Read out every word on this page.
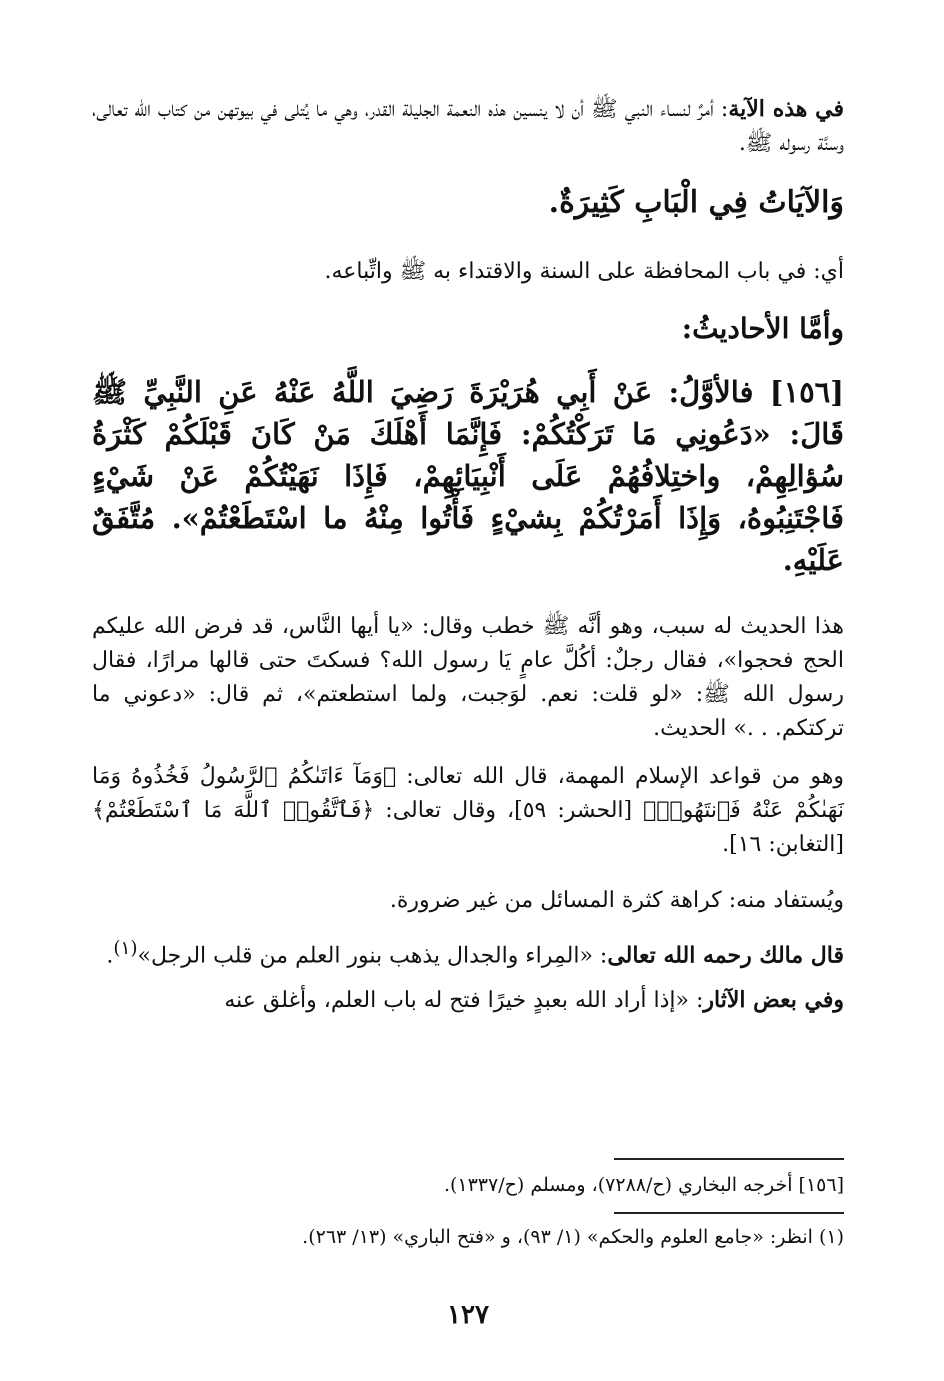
في هذه الآية: أمرٌ لنساء النبي ﷺ أن لا ينسين هذه النعمة الجليلة القدر، وهي ما يُتلى في بيوتهن من كتاب الله تعالى، وسنَّة رسوله ﷺ.

وَالآيَاتُ فِي الْبَابِ كَثِيرَةٌ.

أي: في باب المحافظة على السنة والاقتداء به ﷺ واتِّباعه.

وأمَّا الأحاديثُ:

[١٥٦] فالأوَّلُ: عَنْ أَبِي هُرَيْرَةَ رَضِيَ اللَّهُ عَنْهُ عَنِ النَّبِيِّ ﷺ قَالَ: «دَعُونِي مَا تَرَكْتُكُمْ: فَإِنَّمَا أَهْلَكَ مَنْ كَانَ قَبْلَكُمْ كَثْرَةُ سُؤالِهِمْ، واختِلافُهُمْ عَلَى أَنْبِيَائِهِمْ، فَإِذَا نَهَيْتُكُمْ عَنْ شَيْءٍ فَاجْتَنِبُوهُ، وَإِذَا أَمَرْتُكُمْ بِشيْءٍ فَأْتُوا مِنْهُ ما اسْتَطَعْتُمْ». مُتَّفَقٌ عَلَيْهِ.

هذا الحديث له سبب، وهو أنَّه ﷺ خطب وقال: «يا أيها النَّاس، قد فرض الله عليكم الحج فحجوا»، فقال رجلٌ: أكُلَّ عامٍ يَا رسول الله؟ فسكتَ حتى قالها مرارًا، فقال رسول الله ﷺ: «لو قلت: نعم. لوَجبت، ولما استطعتم»، ثم قال: «دعوني ما تركتكم. . .» الحديث.

وهو من قواعد الإسلام المهمة، قال الله تعالى: ﴿وَمَآ ءَاتَىٰكُمُ ٱلرَّسُولُ فَخُذُوهُ وَمَا نَهَىٰكُمْ عَنْهُ فَٱنتَهُوا۟﴾ [الحشر: ٥٩]، وقال تعالى: ﴿فَٱتَّقُوا۟ ٱللَّهَ مَا ٱسْتَطَعْتُمْ﴾ [التغابن: ١٦].

ويُستفاد منه: كراهة كثرة المسائل من غير ضرورة.

قال مالك رحمه الله تعالى: «المِراء والجدال يذهب بنور العلم من قلب الرجل»$^{(١)}$.

وفي بعض الآثار: «إذا أراد الله بعبدٍ خيرًا فتح له باب العلم، وأغلق عنه

[١٥٦] أخرجه البخاري (ح/٧٢٨٨)، ومسلم (ح/١٣٣٧).

(١) انظر: «جامع العلوم والحكم» (١/ ٩٣)، و «فتح الباري» (١٣/ ٢٦٣).

١٢٧
